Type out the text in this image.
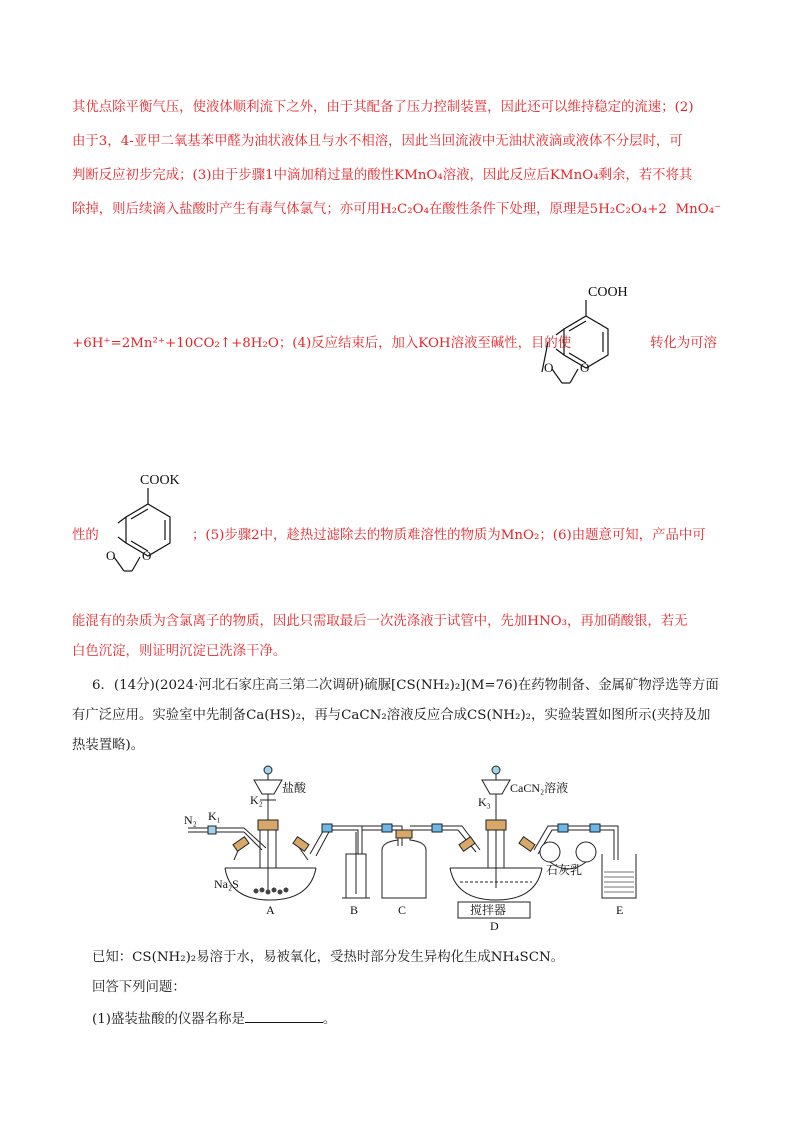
其优点除平衡气压，使液体顺利流下之外，由于其配备了压力控制装置，因此还可以维持稳定的流速；(2)
由于3，4-亚甲二氧基苯甲醛为油状液体且与水不相溶，因此当回流液中无油状液滴或液体不分层时，可
判断反应初步完成；(3)由于步骤1中滴加稍过量的酸性KMnO₄溶液，因此反应后KMnO₄剩余，若不将其
除掉，则后续滴入盐酸时产生有毒气体氯气；亦可用H₂C₂O₄在酸性条件下处理，原理是5H₂C₂O₄+2 MnO₄⁻
+6H⁺=2Mn²⁺+10CO₂↑+8H₂O；(4)反应结束后，加入KOH溶液至碱性，目的使	转化为可溶
COOH
O O
性的
COOK
O O
；(5)步骤2中，趁热过滤除去的物质难溶性的物质为MnO₂；(6)由题意可知，产品中可
能混有的杂质为含氯离子的物质，因此只需取最后一次洗涤液于试管中，先加HNO₃，再加硝酸银，若无
白色沉淀，则证明沉淀已洗涤干净。
6．(14分)(2024·河北石家庄高三第二次调研)硫脲[CS(NH₂)₂](M=76)在药物制备、金属矿物浮选等方面
有广泛应用。实验室中先制备Ca(HS)₂，再与CaCN₂溶液反应合成CS(NH₂)₂，实验装置如图所示(夹持及加
热装置略)。
N₂ K₁
K₂
盐酸
Na₂S
K₃
CaCN₂溶液
石灰乳
搅拌器
A	B	C
D
E
已知：CS(NH₂)₂易溶于水，易被氧化，受热时部分发生异构化生成NH₄SCN。
回答下列问题：
(1)盛装盐酸的仪器名称是	。
